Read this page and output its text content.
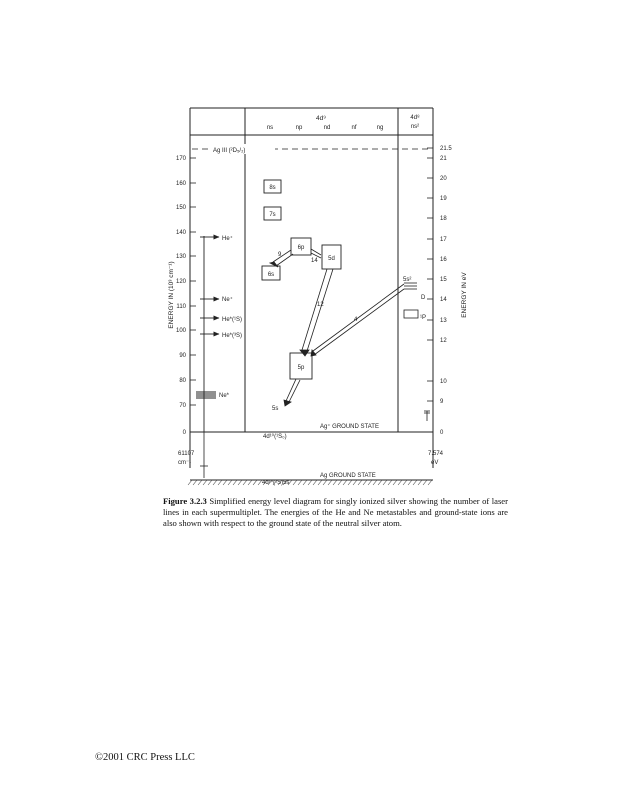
4d⁹
ns	np	nd	nf	ng
4d⁸
ns²
Ag III (²D₅/₂)
170
160
150
140
130
120
110
100
90
80
70
0
ENERGY IN (10³ cm⁻¹)
61107
cm⁻¹
21.5
21
20
19
18
17
16
15
14
13
12
10
9
0
ENERGY IN eV
7.574
eV
He⁺
Ne⁺
He*(¹S)
He*(³S)
Ne*
4d¹⁰(¹S₀)
Ag⁺ GROUND STATE
4d¹⁰(¹S)5s
Ag GROUND STATE
8s
7s
6p
5d
6s
5p
5s²
D
¹P
9
14
12
4
5s
Figure 3.2.3 Simplified energy level diagram for singly ionized silver showing the number of laser lines in each supermultiplet. The energies of the He and Ne metastables and ground-state ions are also shown with respect to the ground state of the neutral silver atom.
©2001 CRC Press LLC
